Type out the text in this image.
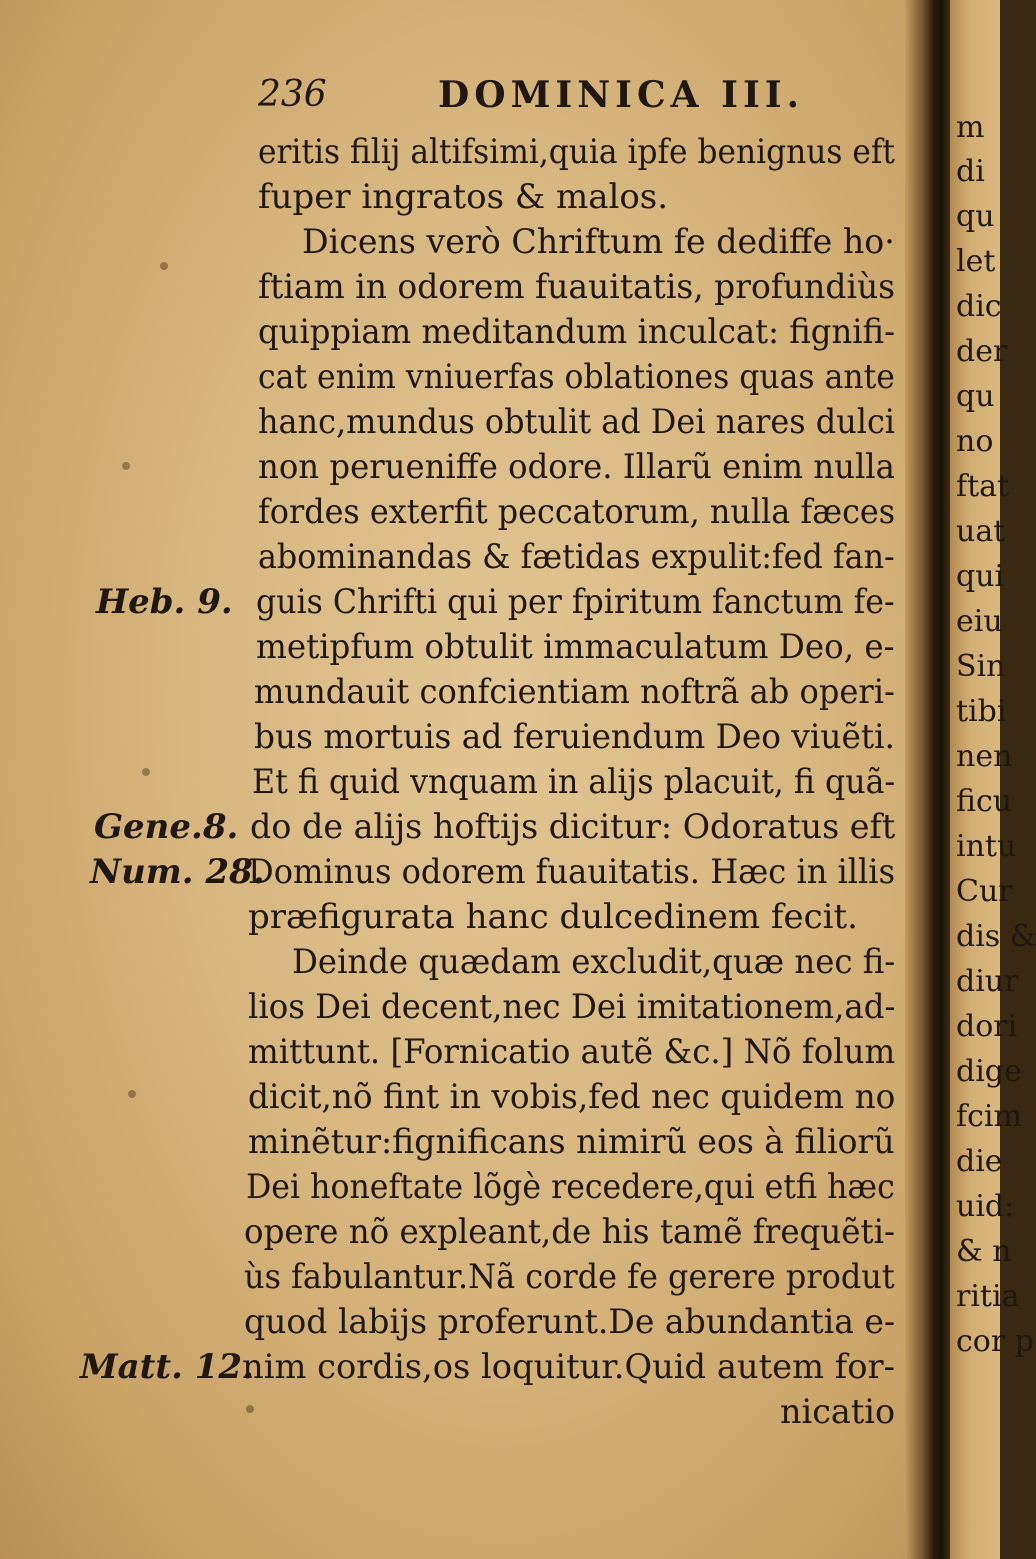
236	DOMINICA III.
eritis filij altifsimi,quia ipfe benignus eft
fuper ingratos & malos.
Dicens verò Chriftum fe dediffe ho·
ftiam in odorem fuauitatis, profundiùs
quippiam meditandum inculcat: fignifi-
cat enim vniuerfas oblationes quas ante
hanc,mundus obtulit ad Dei nares dulci
non perueniffe odore. Illarũ enim nulla
fordes exterfit peccatorum, nulla fæces
abominandas & fætidas expulit:fed fan-
guis Chrifti qui per fpiritum fanctum fe-
metipfum obtulit immaculatum Deo, e-
mundauit confcientiam noftrã ab operi-
bus mortuis ad feruiendum Deo viuẽti.
Et fi quid vnquam in alijs placuit, fi quã-
do de alijs hoftijs dicitur: Odoratus eft
Dominus odorem fuauitatis. Hæc in illis
præfigurata hanc dulcedinem fecit.
Deinde quædam excludit,quæ nec fi-
lios Dei decent,nec Dei imitationem,ad-
mittunt. [Fornicatio autẽ &c.] Nõ folum
dicit,nõ fint in vobis,fed nec quidem no
minẽtur:fignificans nimirũ eos à filiorũ
Dei honeftate lõgè recedere,qui etfi hæc
opere nõ expleant,de his tamẽ frequẽti-
ùs fabulantur.Nã corde fe gerere produt
quod labijs proferunt.De abundantia e-
nim cordis,os loquitur.Quid autem for-
nicatio
Heb. 9.
Gene.8.
Num. 28.
Matt. 12.
m
di
qu
let
dic
der
qu
no
ftat
uat
qui
eiu
Sin
tibi
nen
ficu
intu
Cur
dis &
diur
dori
dige
fcim
die
uid:
& n
ritia
cor p
